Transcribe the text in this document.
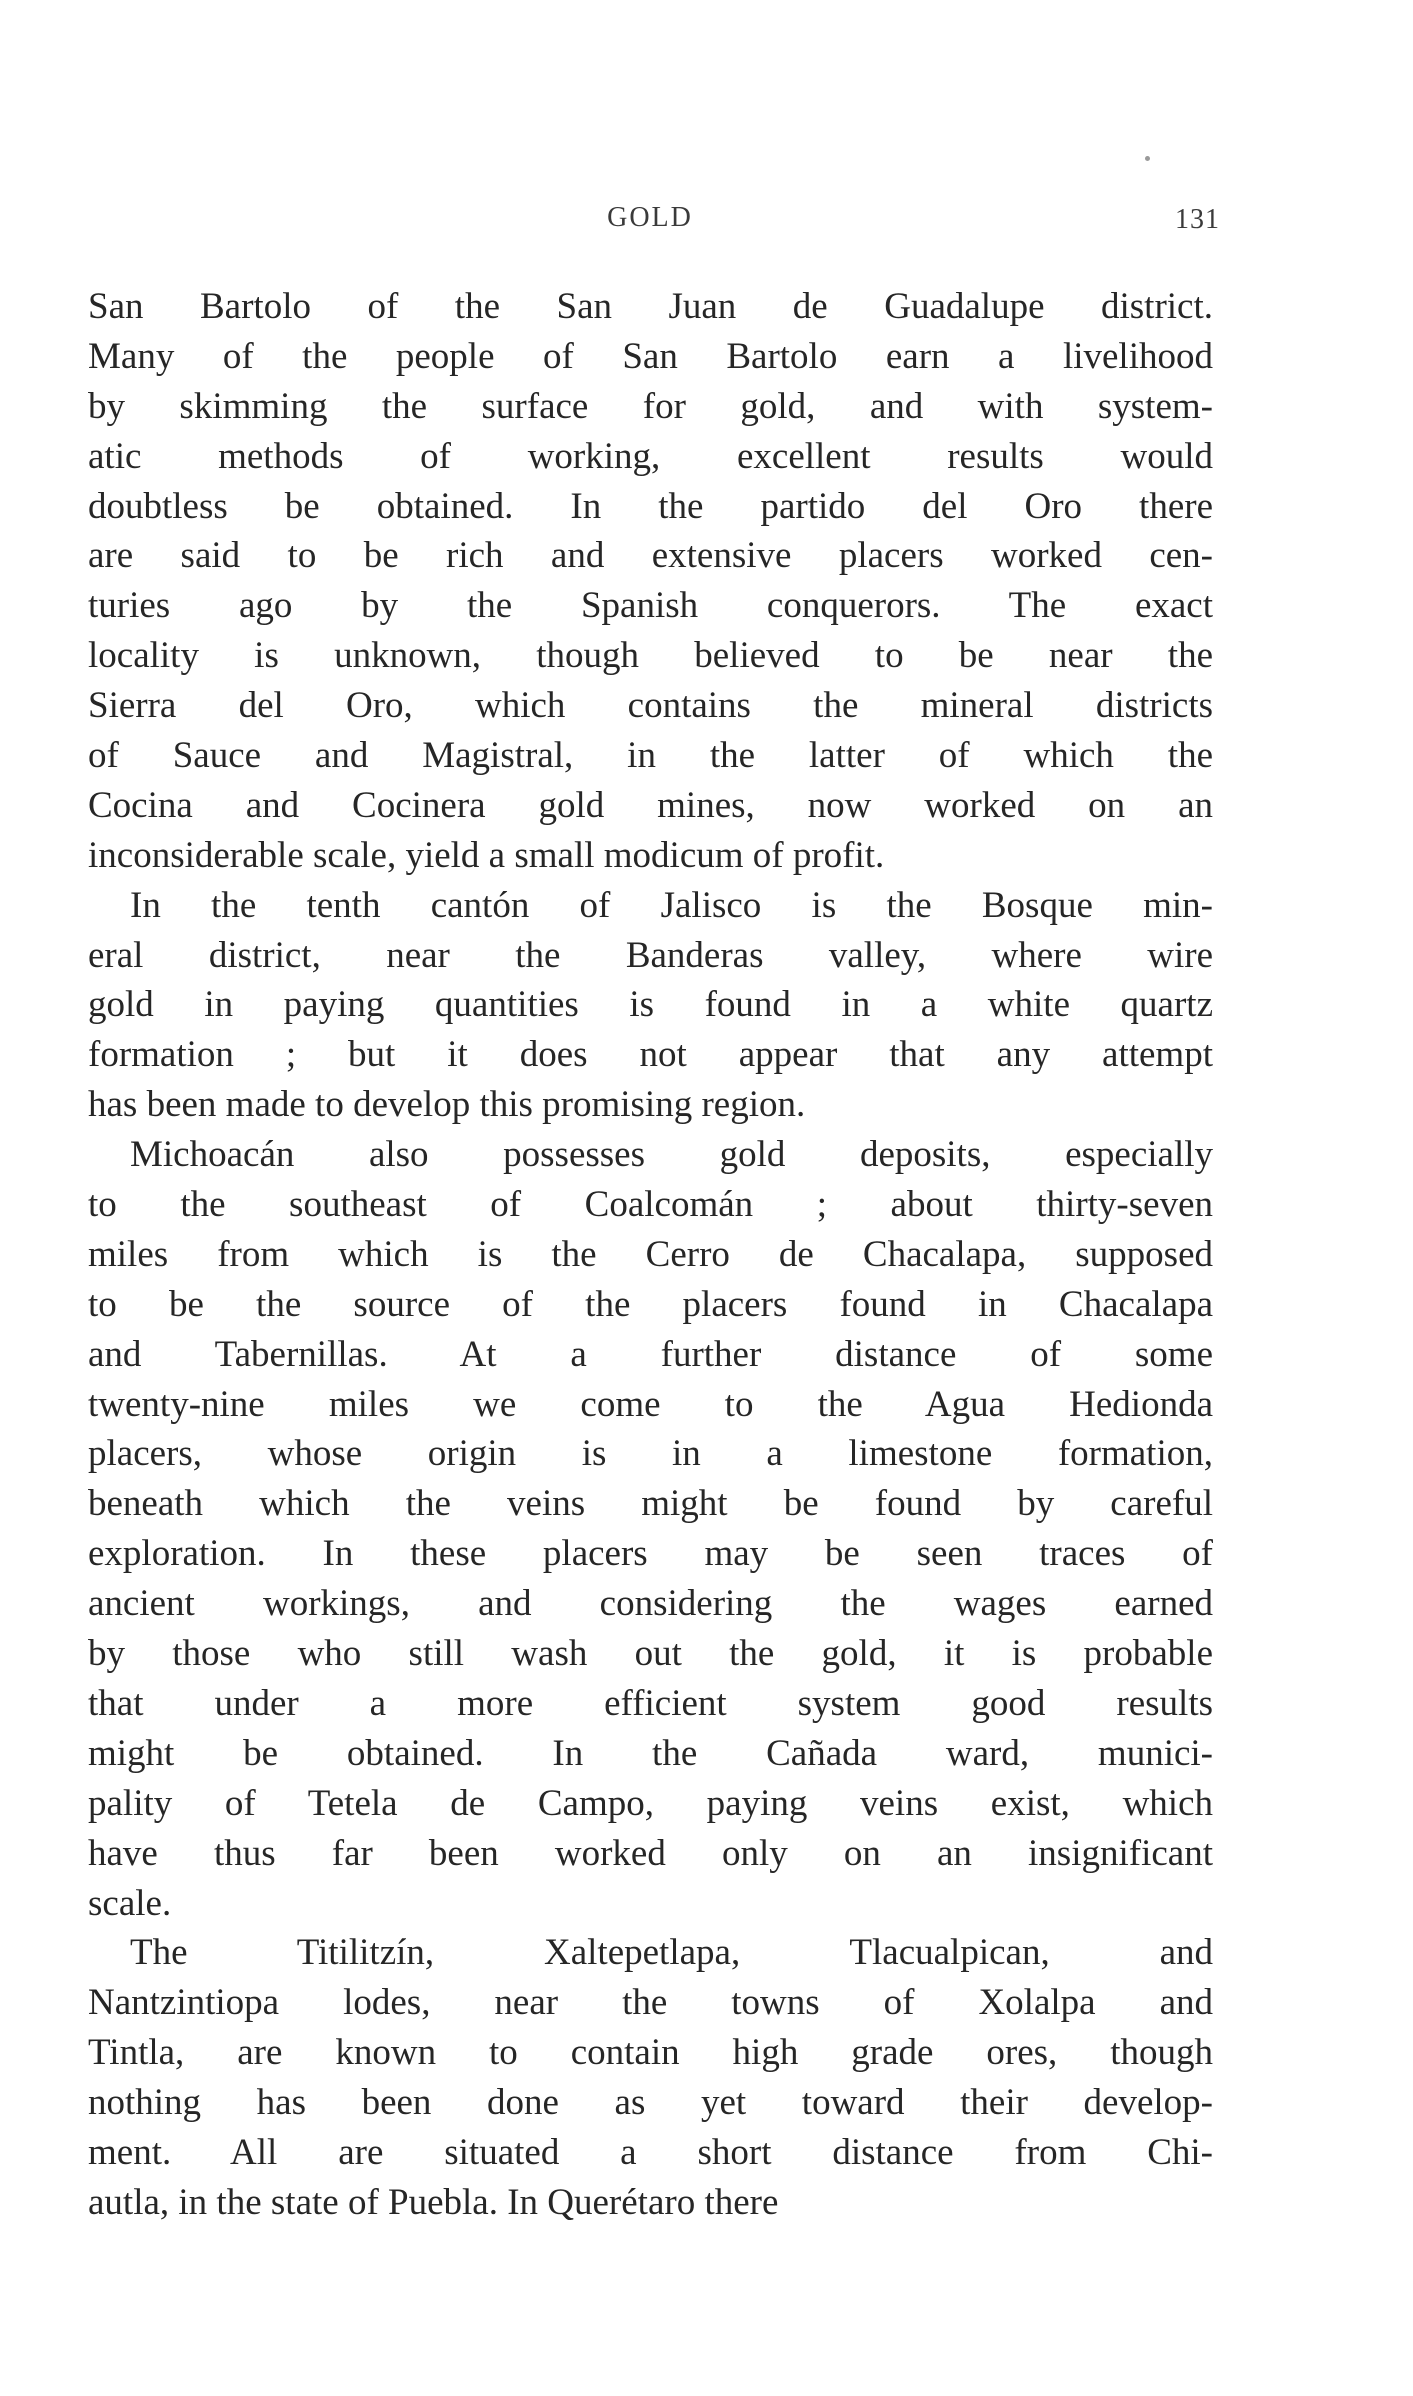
GOLD	131

San Bartolo of the San Juan de Guadalupe district.
Many of the people of San Bartolo earn a livelihood
by skimming the surface for gold, and with system-
atic methods of working, excellent results would
doubtless be obtained. In the partido del Oro there
are said to be rich and extensive placers worked cen-
turies ago by the Spanish conquerors. The exact
locality is unknown, though believed to be near the
Sierra del Oro, which contains the mineral districts
of Sauce and Magistral, in the latter of which the
Cocina and Cocinera gold mines, now worked on an
inconsiderable scale, yield a small modicum of profit.

In the tenth cantón of Jalisco is the Bosque min-
eral district, near the Banderas valley, where wire
gold in paying quantities is found in a white quartz
formation ; but it does not appear that any attempt
has been made to develop this promising region.

Michoacán also possesses gold deposits, especially
to the southeast of Coalcomán ; about thirty-seven
miles from which is the Cerro de Chacalapa, supposed
to be the source of the placers found in Chacalapa
and Tabernillas. At a further distance of some
twenty-nine miles we come to the Agua Hedionda
placers, whose origin is in a limestone formation,
beneath which the veins might be found by careful
exploration. In these placers may be seen traces of
ancient workings, and considering the wages earned
by those who still wash out the gold, it is probable
that under a more efficient system good results
might be obtained. In the Cañada ward, munici-
pality of Tetela de Campo, paying veins exist, which
have thus far been worked only on an insignificant
scale.

The Titilitzín, Xaltepetlapa, Tlacualpican, and
Nantzintiopa lodes, near the towns of Xolalpa and
Tintla, are known to contain high grade ores, though
nothing has been done as yet toward their develop-
ment. All are situated a short distance from Chi-
autla, in the state of Puebla. In Querétaro there
